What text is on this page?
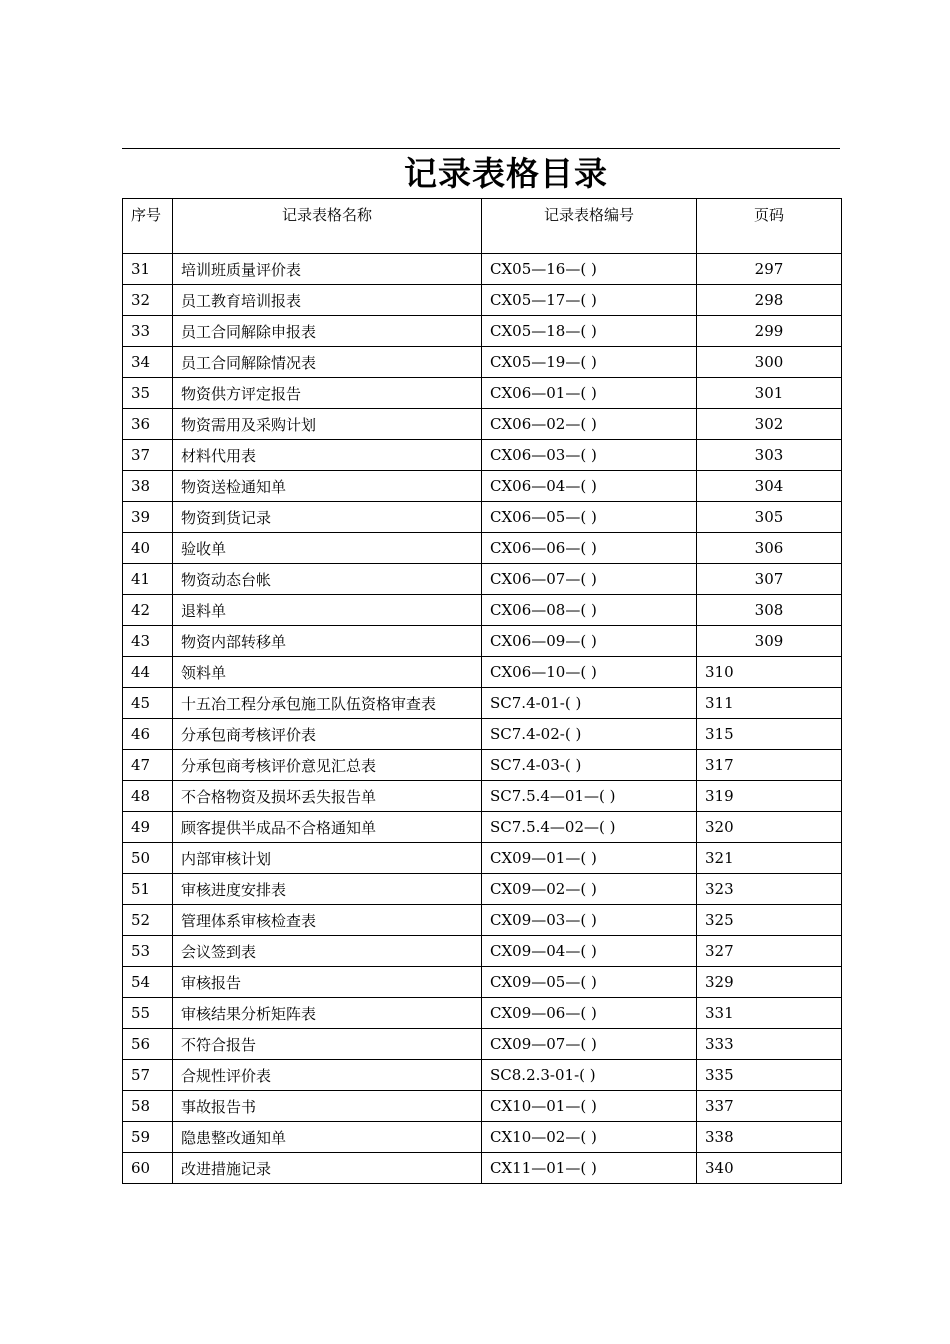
记录表格目录
序号	记录表格名称	记录表格编号	页码
31	培训班质量评价表	CX05—16—( )	297
32	员工教育培训报表	CX05—17—( )	298
33	员工合同解除申报表	CX05—18—( )	299
34	员工合同解除情况表	CX05—19—( )	300
35	物资供方评定报告	CX06—01—( )	301
36	物资需用及采购计划	CX06—02—( )	302
37	材料代用表	CX06—03—( )	303
38	物资送检通知单	CX06—04—( )	304
39	物资到货记录	CX06—05—( )	305
40	验收单	CX06—06—( )	306
41	物资动态台帐	CX06—07—( )	307
42	退料单	CX06—08—( )	308
43	物资内部转移单	CX06—09—( )	309
44	领料单	CX06—10—( )	310
45	十五冶工程分承包施工队伍资格审查表	SC7.4-01-( )	311
46	分承包商考核评价表	SC7.4-02-( )	315
47	分承包商考核评价意见汇总表	SC7.4-03-( )	317
48	不合格物资及损坏丢失报告单	SC7.5.4—01—( )	319
49	顾客提供半成品不合格通知单	SC7.5.4—02—( )	320
50	内部审核计划	CX09—01—( )	321
51	审核进度安排表	CX09—02—( )	323
52	管理体系审核检查表	CX09—03—( )	325
53	会议签到表	CX09—04—( )	327
54	审核报告	CX09—05—( )	329
55	审核结果分析矩阵表	CX09—06—( )	331
56	不符合报告	CX09—07—( )	333
57	合规性评价表	SC8.2.3-01-( )	335
58	事故报告书	CX10—01—( )	337
59	隐患整改通知单	CX10—02—( )	338
60	改进措施记录	CX11—01—( )	340
